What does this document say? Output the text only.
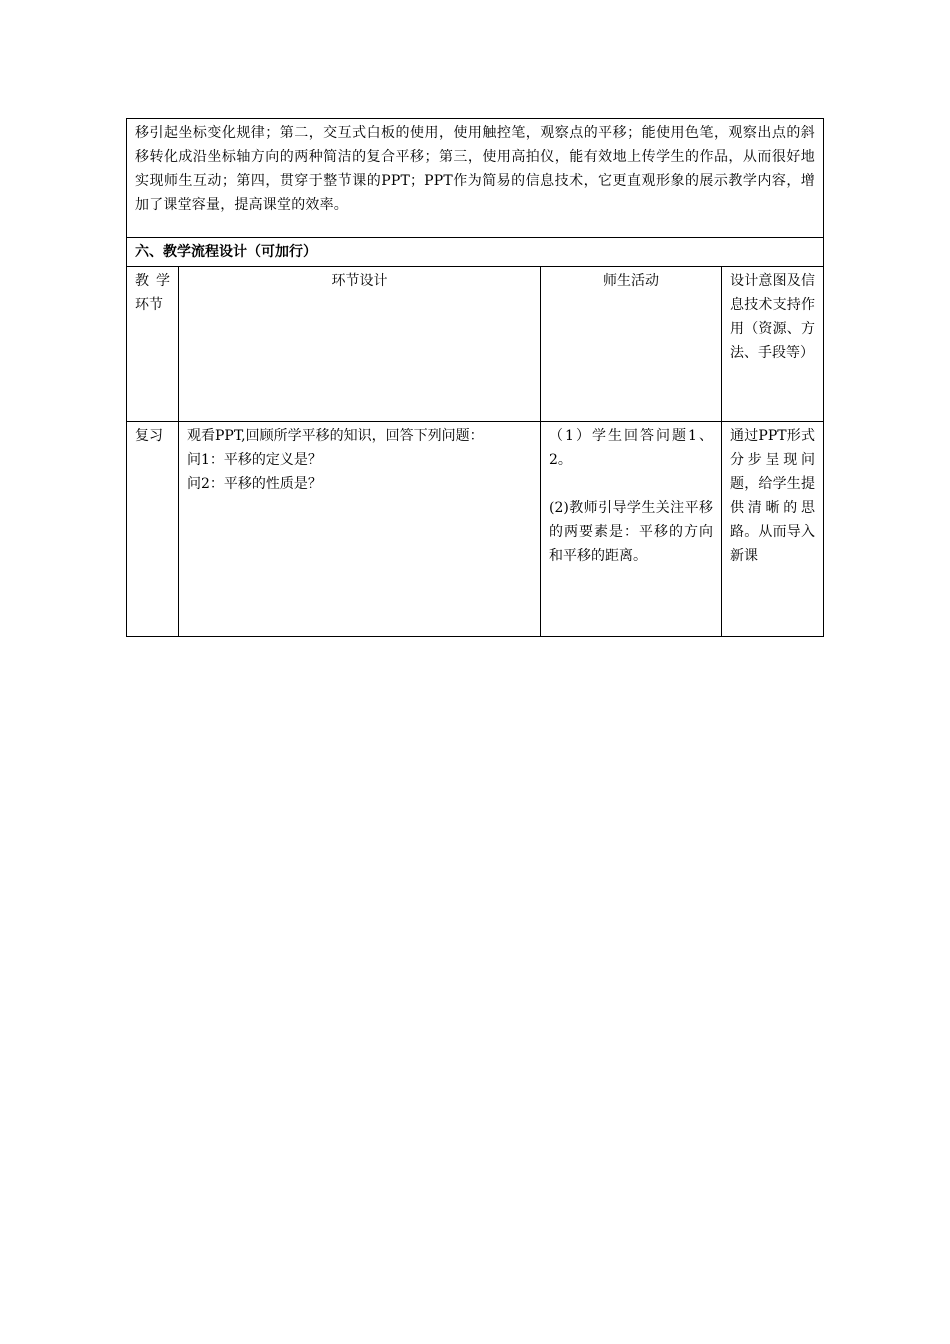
移引起坐标变化规律；第二，交互式白板的使用，使用触控笔，观察点的平移；能使用色笔，观察出点的斜移转化成沿坐标轴方向的两种简洁的复合平移；第三，使用高拍仪，能有效地上传学生的作品，从而很好地实现师生互动；第四，贯穿于整节课的PPT；PPT作为简易的信息技术，它更直观形象的展示教学内容，增加了课堂容量，提高课堂的效率。			
六、教学流程设计（可加行）			
教学环节	环节设计	师生活动	设计意图及信息技术支持作用（资源、方法、手段等）
复习	观看PPT,回顾所学平移的知识，回答下列问题：
问1：平移的定义是？
问2：平移的性质是？	（1）学生回答问题1、2。
(2)教师引导学生关注平移的两要素是：平移的方向和平移的距离。	通过PPT形式分步呈现问题，给学生提供清晰的思路。从而导入新课
